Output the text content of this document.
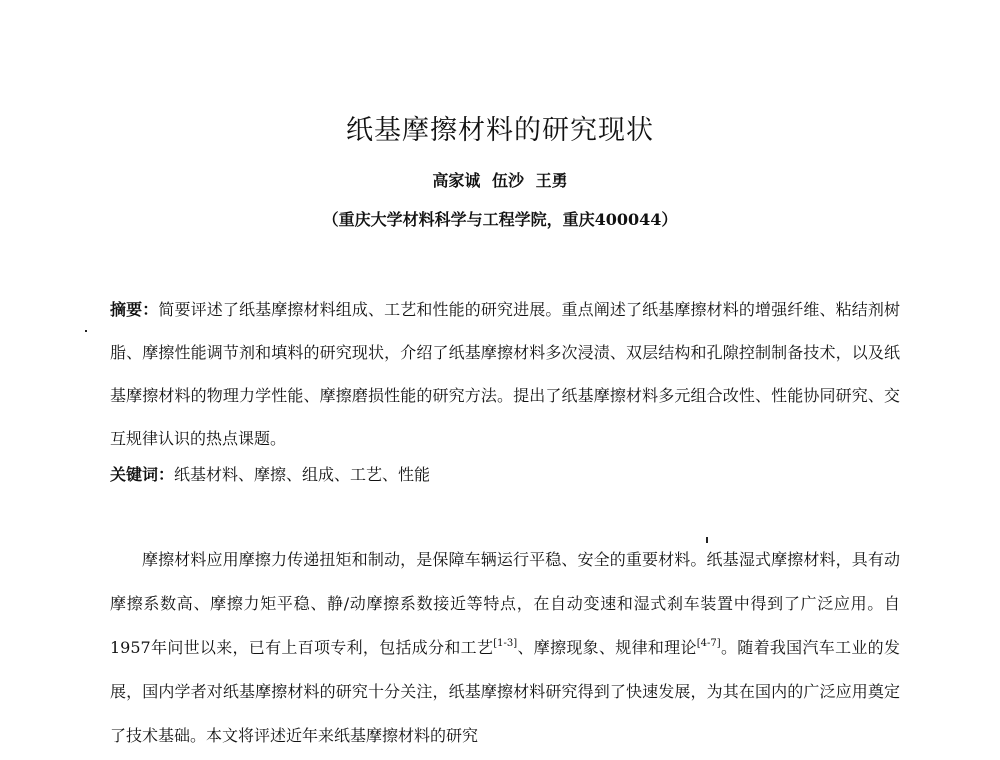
纸基摩擦材料的研究现状
高家诚 伍沙 王勇
（重庆大学材料科学与工程学院，重庆400044）
摘要：简要评述了纸基摩擦材料组成、工艺和性能的研究进展。重点阐述了纸基摩擦材料的增强纤维、粘结剂树脂、摩擦性能调节剂和填料的研究现状，介绍了纸基摩擦材料多次浸渍、双层结构和孔隙控制制备技术，以及纸基摩擦材料的物理力学性能、摩擦磨损性能的研究方法。提出了纸基摩擦材料多元组合改性、性能协同研究、交互规律认识的热点课题。
关键词：纸基材料、摩擦、组成、工艺、性能
摩擦材料应用摩擦力传递扭矩和制动，是保障车辆运行平稳、安全的重要材料。纸基湿式摩擦材料，具有动摩擦系数高、摩擦力矩平稳、静/动摩擦系数接近等特点，在自动变速和湿式刹车装置中得到了广泛应用。自1957年问世以来，已有上百项专利，包括成分和工艺[1-3]、摩擦现象、规律和理论[4-7]。随着我国汽车工业的发展，国内学者对纸基摩擦材料的研究十分关注，纸基摩擦材料研究得到了快速发展，为其在国内的广泛应用奠定了技术基础。本文将评述近年来纸基摩擦材料的研究
